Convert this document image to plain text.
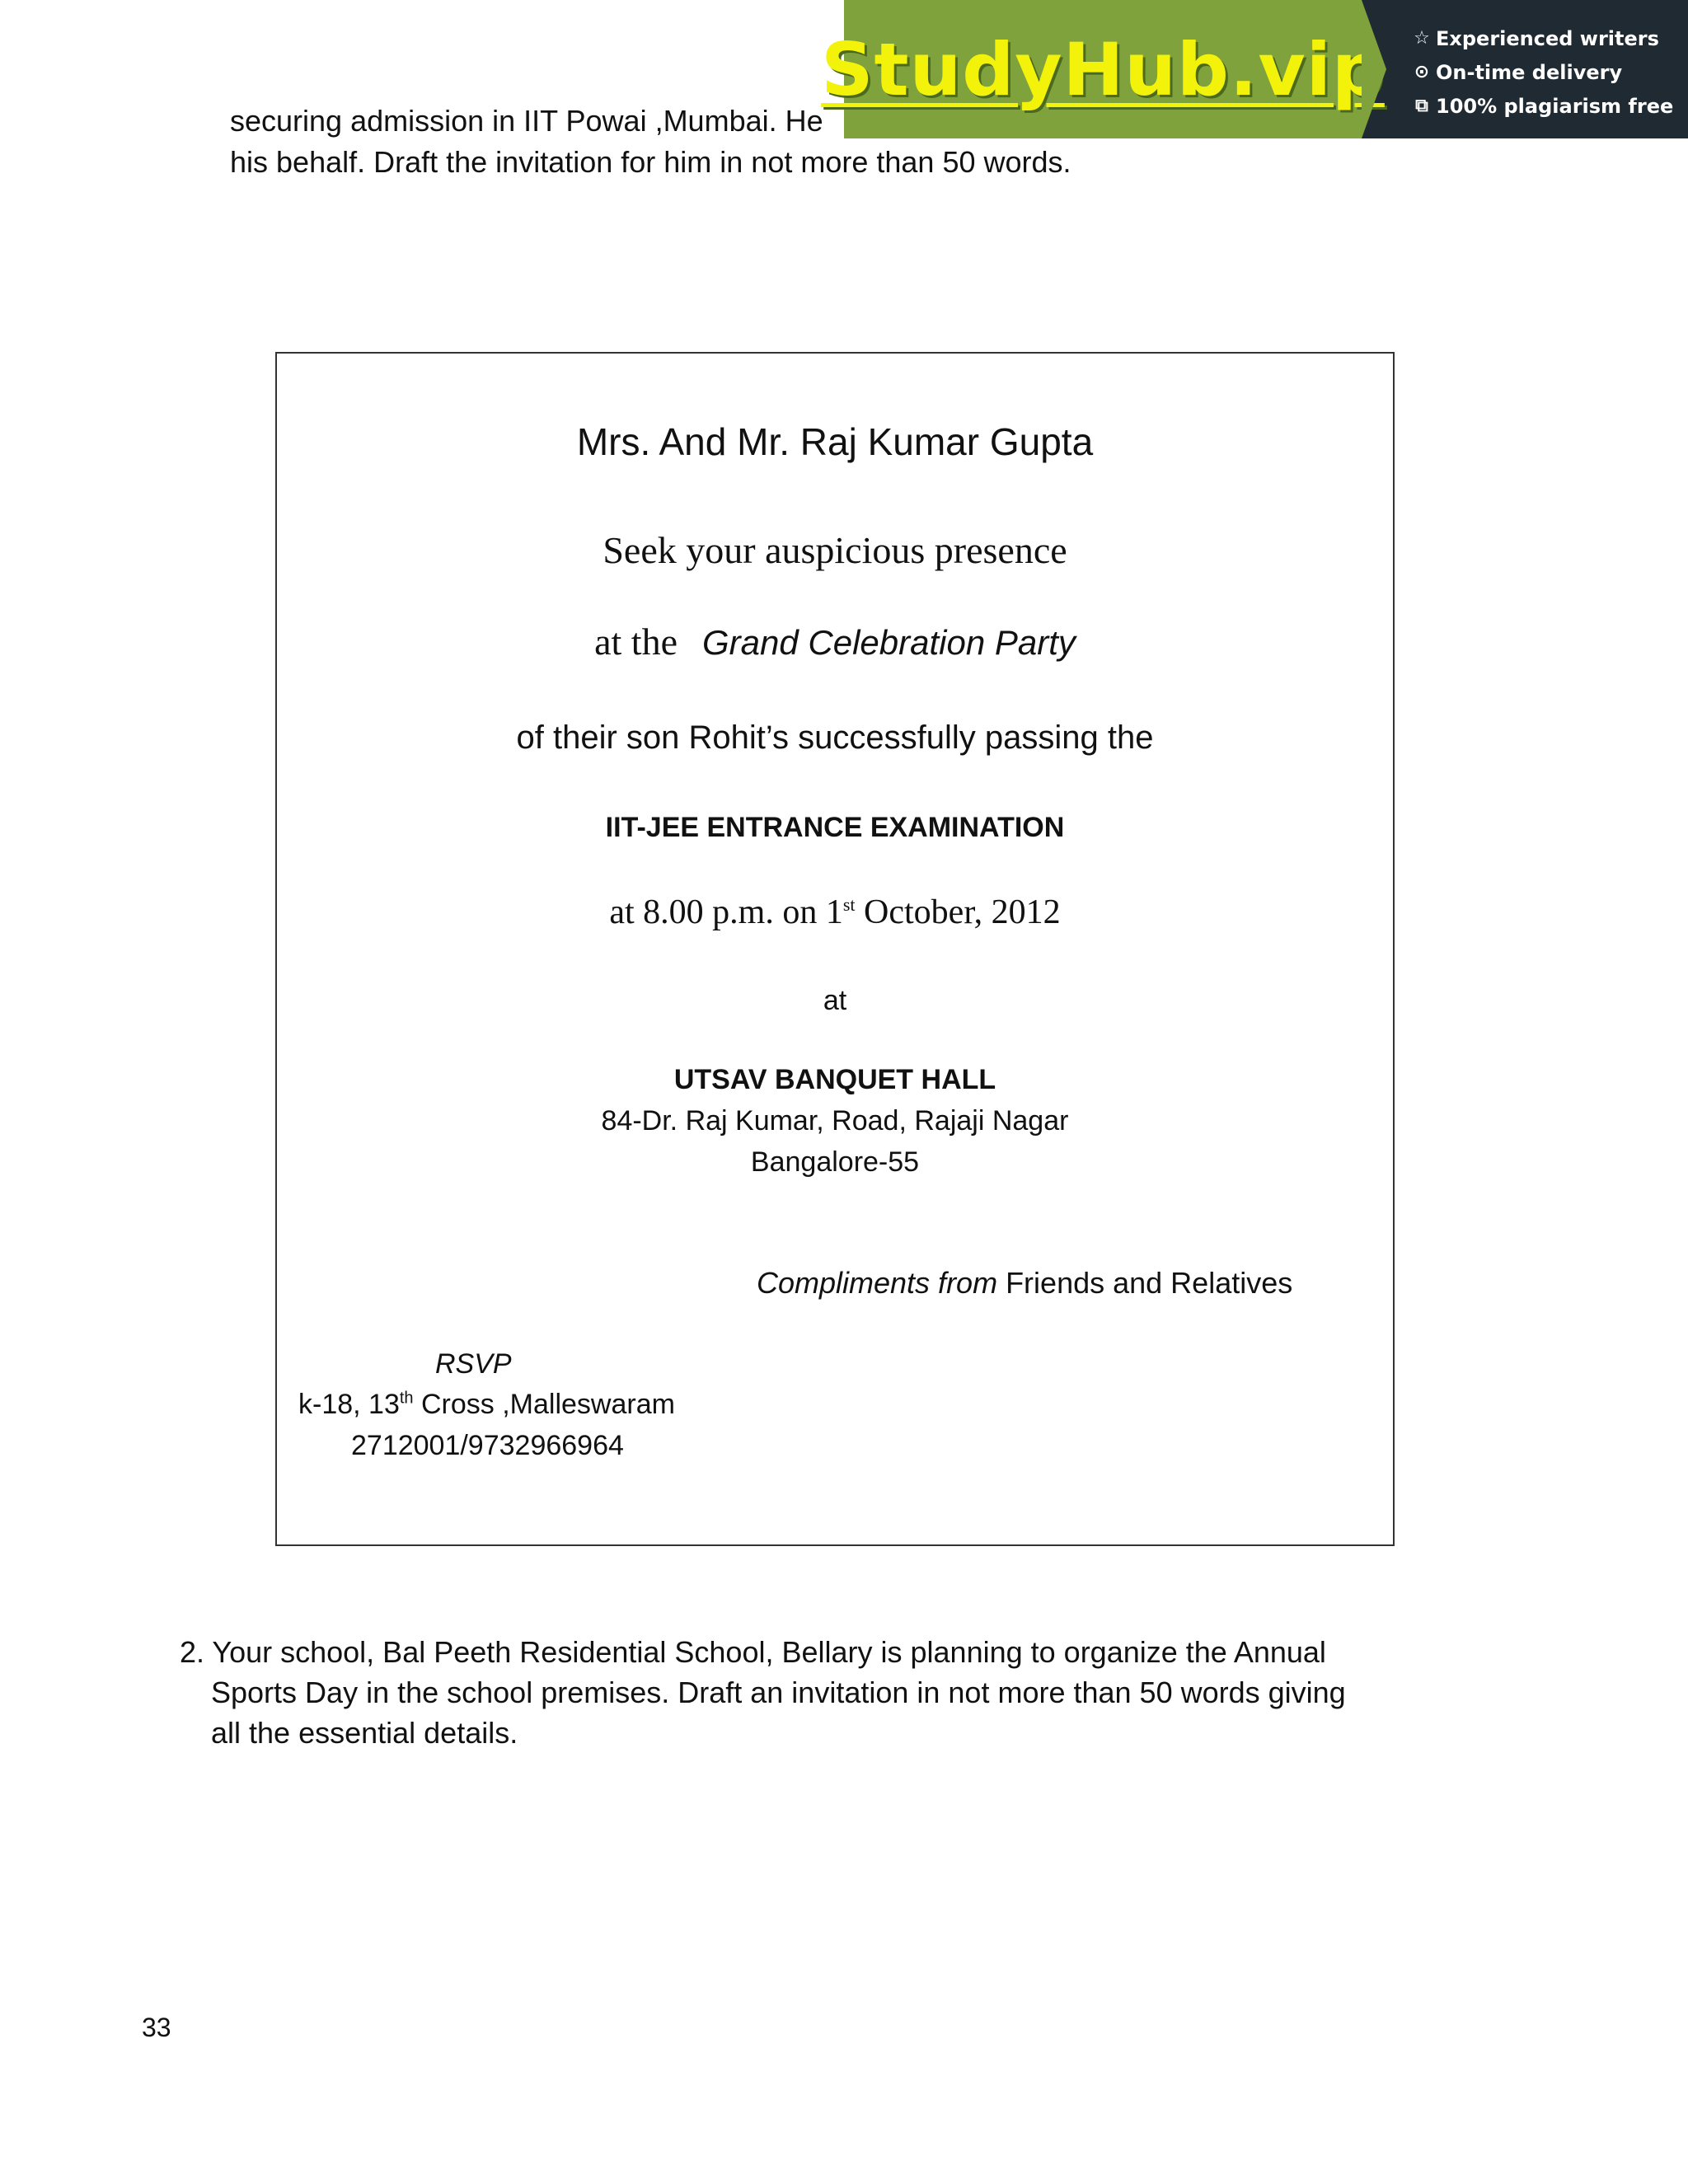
securing admission in IIT Powai ,Mumbai. He

his behalf. Draft the invitation for him in not more than 50 words.

StudyHub.vip ☆ Experienced writers
⊙ On-time delivery
⧉ 100% plagiarism free
Mrs. And Mr. Raj Kumar Gupta
Seek your auspicious presence
at the Grand Celebration Party
of their son Rohit’s successfully passing the
IIT-JEE ENTRANCE EXAMINATION
at 8.00 p.m. on 1st October, 2012
at
UTSAV BANQUET HALL
84-Dr. Raj Kumar, Road, Rajaji Nagar
Bangalore-55
Compliments from Friends and Relatives
RSVP
k-18, 13th Cross ,Malleswaram
2712001/9732966964

2. Your school, Bal Peeth Residential School, Bellary is planning to organize the Annual

Sports Day in the school premises. Draft an invitation in not more than 50 words giving

all the essential details.

33
